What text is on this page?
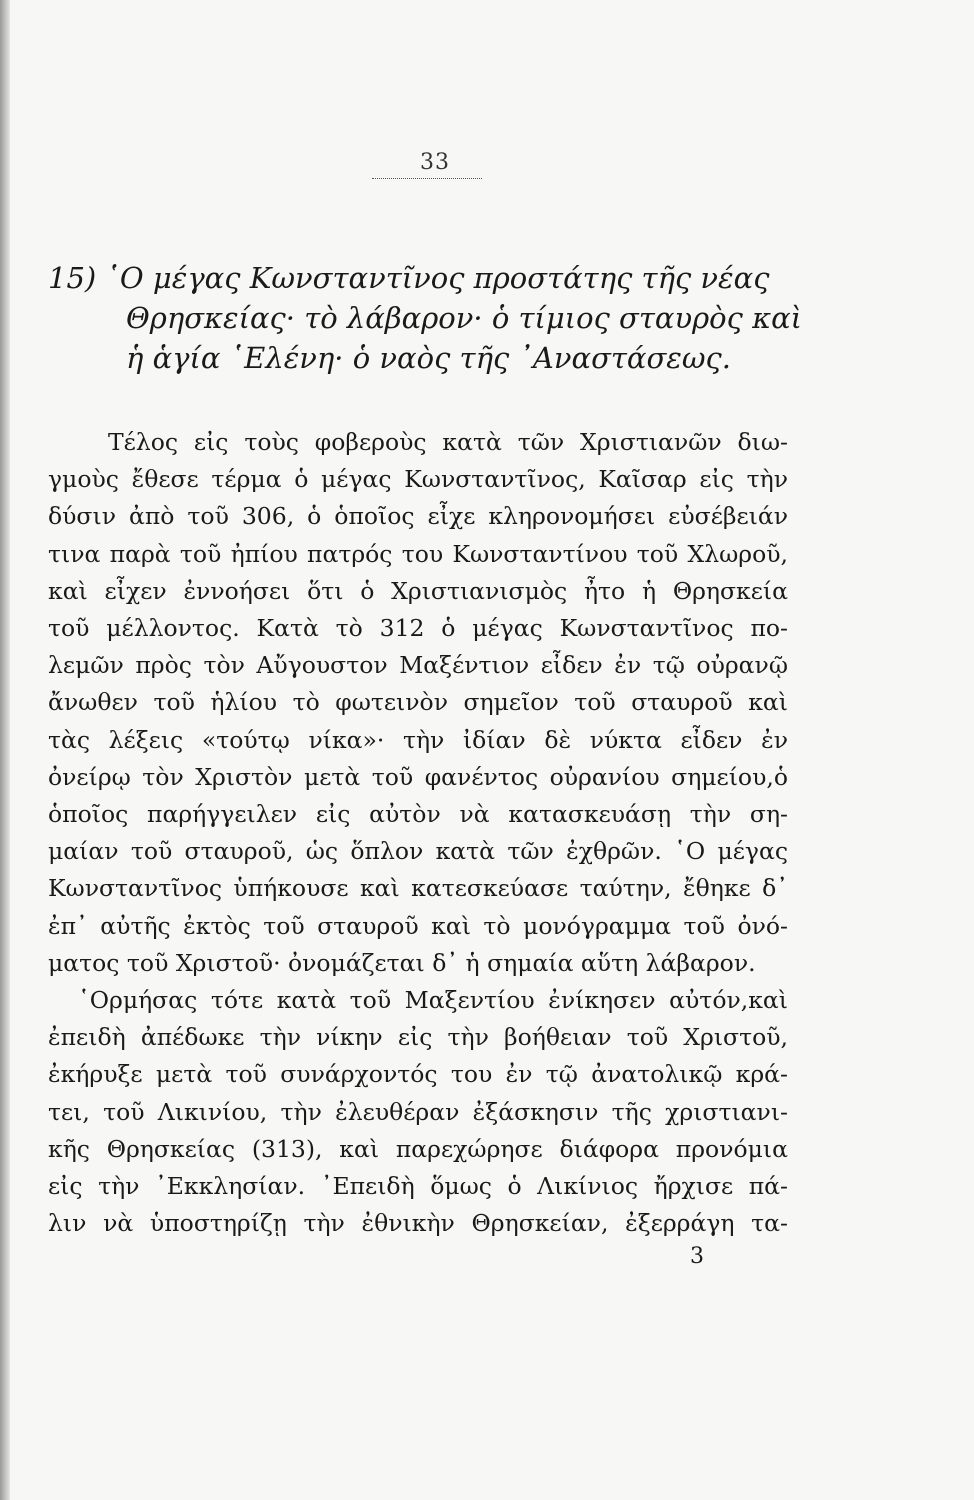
33
15) ῾Ο μέγας Κωνσταντῖνος προστάτης τῆς νέας
Θρησκείας· τὸ λάβαρον· ὁ τίμιος σταυρὸς καὶ
ἡ ἁγία ῾Ελένη· ὁ ναὸς τῆς ᾿Αναστάσεως.
Τέλος εἰς τοὺς φοβεροὺς κατὰ τῶν Χριστιανῶν διω-
γμοὺς ἔθεσε τέρμα ὁ μέγας Κωνσταντῖνος, Καῖσαρ εἰς τὴν
δύσιν ἀπὸ τοῦ 306, ὁ ὁποῖος εἶχε κληρονομήσει εὐσέβειάν
τινα παρὰ τοῦ ἠπίου πατρός του Κωνσταντίνου τοῦ Χλωροῦ,
καὶ εἶχεν ἐννοήσει ὅτι ὁ Χριστιανισμὸς ἦτο ἡ Θρησκεία
τοῦ μέλλοντος. Κατὰ τὸ 312 ὁ μέγας Κωνσταντῖνος πο-
λεμῶν πρὸς τὸν Αὔγουστον Μαξέντιον εἶδεν ἐν τῷ οὐρανῷ
ἄνωθεν τοῦ ἡλίου τὸ φωτεινὸν σημεῖον τοῦ σταυροῦ καὶ
τὰς λέξεις «τούτῳ νίκα»· τὴν ἰδίαν δὲ νύκτα εἶδεν ἐν
ὀνείρῳ τὸν Χριστὸν μετὰ τοῦ φανέντος οὐρανίου σημείου,ὁ
ὁποῖος παρήγγειλεν εἰς αὐτὸν νὰ κατασκευάσῃ τὴν ση-
μαίαν τοῦ σταυροῦ, ὡς ὅπλον κατὰ τῶν ἐχθρῶν. ῾Ο μέγας
Κωνσταντῖνος ὑπήκουσε καὶ κατεσκεύασε ταύτην, ἔθηκε δ᾿
ἐπ᾿ αὐτῆς ἐκτὸς τοῦ σταυροῦ καὶ τὸ μονόγραμμα τοῦ ὀνό-
ματος τοῦ Χριστοῦ· ὀνομάζεται δ᾿ ἡ σημαία αὕτη λάβαρον.
῾Ορμήσας τότε κατὰ τοῦ Μαξεντίου ἐνίκησεν αὐτόν,καὶ
ἐπειδὴ ἀπέδωκε τὴν νίκην εἰς τὴν βοήθειαν τοῦ Χριστοῦ,
ἐκήρυξε μετὰ τοῦ συνάρχοντός του ἐν τῷ ἀνατολικῷ κρά-
τει, τοῦ Λικινίου, τὴν ἐλευθέραν ἐξάσκησιν τῆς χριστιανι-
κῆς Θρησκείας (313), καὶ παρεχώρησε διάφορα προνόμια
εἰς τὴν ᾿Εκκλησίαν. ᾿Επειδὴ ὅμως ὁ Λικίνιος ἤρχισε πά-
λιν νὰ ὑποστηρίζῃ τὴν ἐθνικὴν Θρησκείαν, ἐξερράγη τα-
3
